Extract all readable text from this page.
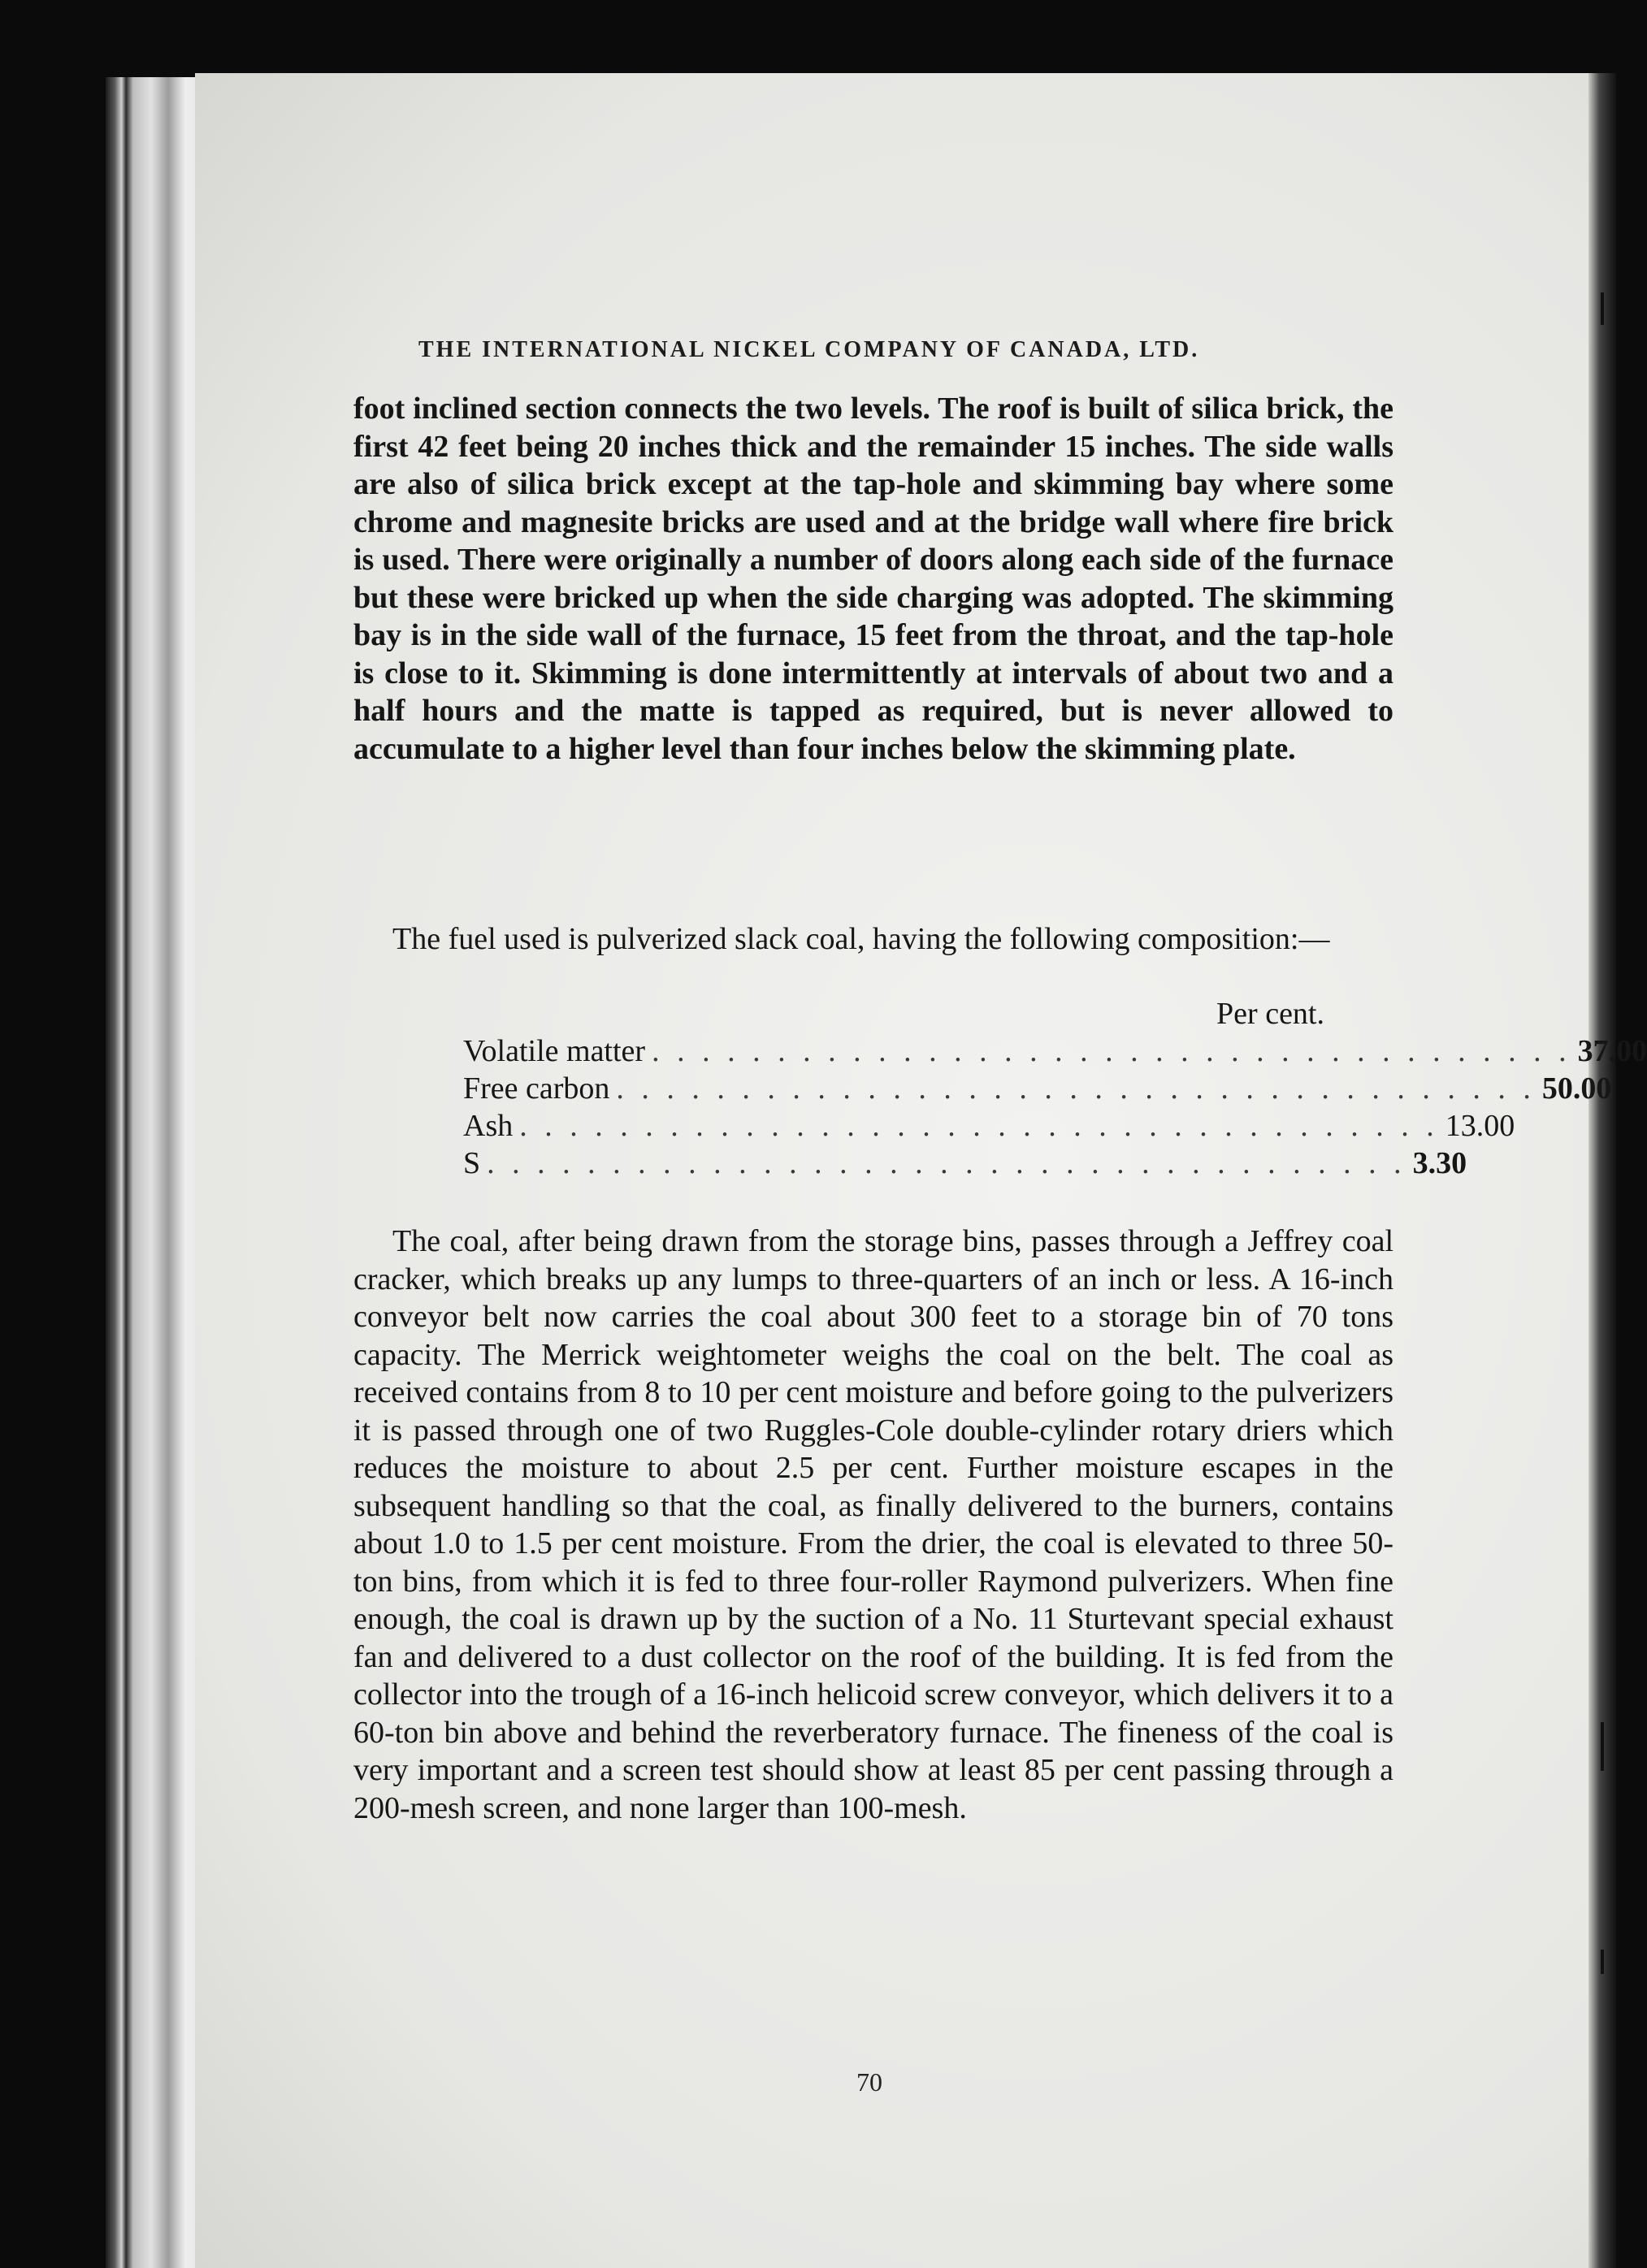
THE INTERNATIONAL NICKEL COMPANY OF CANADA, LTD.

foot inclined section connects the two levels. The roof is built of silica brick, the first 42 feet being 20 inches thick and the remainder 15 inches. The side walls are also of silica brick except at the tap-hole and skimming bay where some chrome and magnesite bricks are used and at the bridge wall where fire brick is used. There were originally a number of doors along each side of the furnace but these were bricked up when the side charging was adopted. The skimming bay is in the side wall of the furnace, 15 feet from the throat, and the tap-hole is close to it. Skimming is done intermittently at intervals of about two and a half hours and the matte is tapped as required, but is never allowed to accumulate to a higher level than four inches below the skimming plate.

The fuel used is pulverized slack coal, having the following composition:—

Per cent.
Volatile matter . . . . . . . . . . . . . . . . . . . . . . . . . . . . . . . . . . . . . 37.00
Free carbon . . . . . . . . . . . . . . . . . . . . . . . . . . . . . . . . . . . . . 50.00
Ash . . . . . . . . . . . . . . . . . . . . . . . . . . . . . . . . . . . . . 13.00
S . . . . . . . . . . . . . . . . . . . . . . . . . . . . . . . . . . . . . 3.30

The coal, after being drawn from the storage bins, passes through a Jeffrey coal cracker, which breaks up any lumps to three-quarters of an inch or less. A 16-inch conveyor belt now carries the coal about 300 feet to a storage bin of 70 tons capacity. The Merrick weightometer weighs the coal on the belt. The coal as received contains from 8 to 10 per cent moisture and before going to the pulverizers it is passed through one of two Ruggles-Cole double-cylinder rotary driers which reduces the moisture to about 2.5 per cent. Further moisture escapes in the subsequent handling so that the coal, as finally delivered to the burners, contains about 1.0 to 1.5 per cent moisture. From the drier, the coal is elevated to three 50-ton bins, from which it is fed to three four-roller Raymond pulverizers. When fine enough, the coal is drawn up by the suction of a No. 11 Sturtevant special exhaust fan and delivered to a dust collector on the roof of the building. It is fed from the collector into the trough of a 16-inch helicoid screw conveyor, which delivers it to a 60-ton bin above and behind the reverberatory furnace. The fineness of the coal is very important and a screen test should show at least 85 per cent passing through a 200-mesh screen, and none larger than 100-mesh.

70
